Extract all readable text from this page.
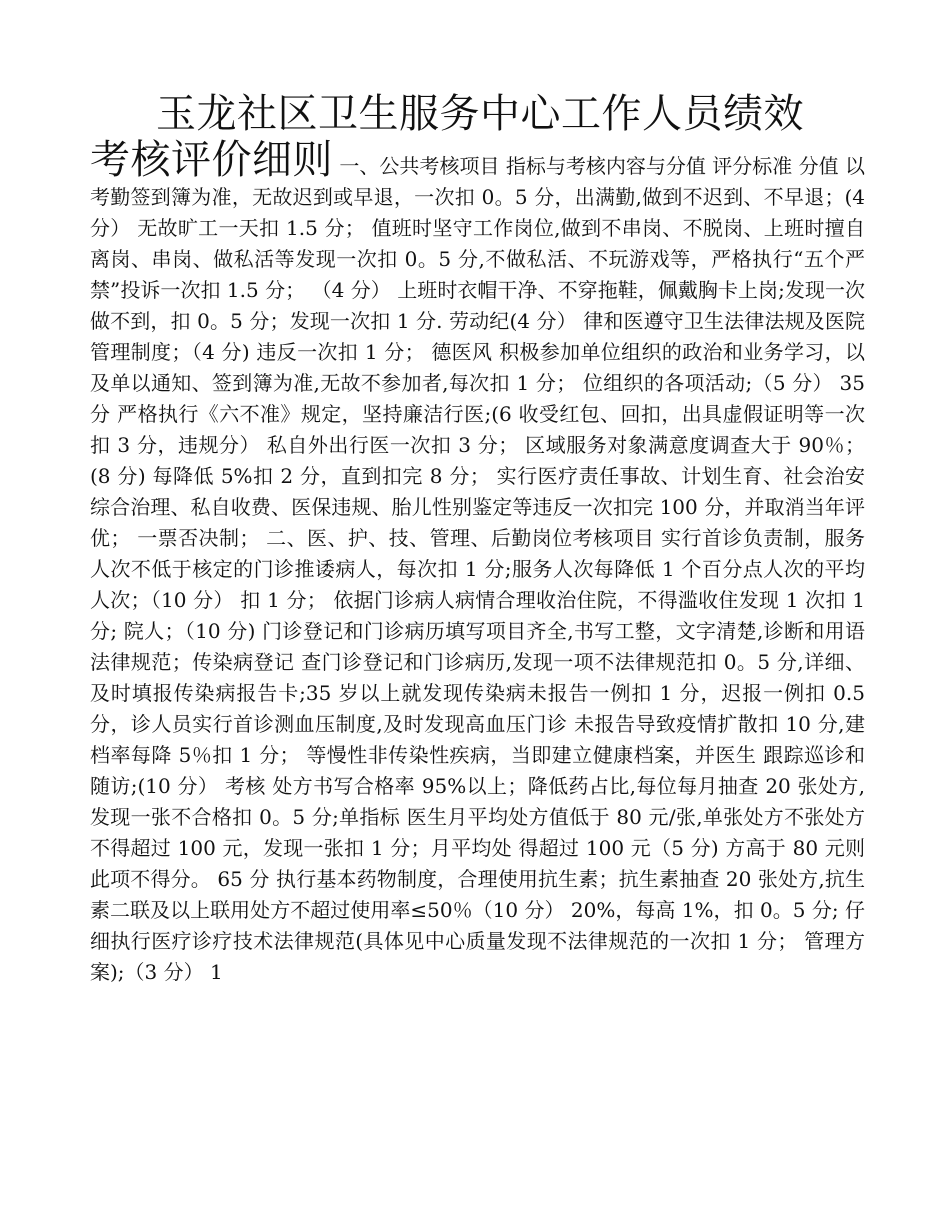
玉龙社区卫生服务中心工作人员绩效

考核评价细则 一、公共考核项目 指标与考核内容与分值 评分标准 分值 以考勤签到簿为准，无故迟到或早退，一次扣 0。5 分，出满勤,做到不迟到、不早退；(4 分） 无故旷工一天扣 1.5 分； 值班时坚守工作岗位,做到不串岗、不脱岗、上班时擅自离岗、串岗、做私活等发现一次扣 0。5 分,不做私活、不玩游戏等，严格执行“五个严禁”投诉一次扣 1.5 分； （4 分） 上班时衣帽干净、不穿拖鞋，佩戴胸卡上岗;发现一次做不到，扣 0。5 分；发现一次扣 1 分. 劳动纪(4 分） 律和医遵守卫生法律法规及医院管理制度；（4 分) 违反一次扣 1 分； 德医风 积极参加单位组织的政治和业务学习，以及单以通知、签到簿为准,无故不参加者,每次扣 1 分； 位组织的各项活动;（5 分） 35 分 严格执行《六不准》规定，坚持廉洁行医;(6 收受红包、回扣，出具虚假证明等一次扣 3 分，违规分） 私自外出行医一次扣 3 分； 区域服务对象满意度调查大于 90％；(8 分) 每降低 5%扣 2 分，直到扣完 8 分； 实行医疗责任事故、计划生育、社会治安综合治理、私自收费、医保违规、胎儿性别鉴定等违反一次扣完 100 分，并取消当年评优； 一票否决制； 二、医、护、技、管理、后勤岗位考核项目 实行首诊负责制，服务人次不低于核定的门诊推诿病人，每次扣 1 分;服务人次每降低 1 个百分点人次的平均人次；（10 分） 扣 1 分； 依据门诊病人病情合理收治住院，不得滥收住发现 1 次扣 1 分; 院人；（10 分) 门诊登记和门诊病历填写项目齐全,书写工整，文字清楚,诊断和用语法律规范；传染病登记 查门诊登记和门诊病历,发现一项不法律规范扣 0。5 分,详细、及时填报传染病报告卡;35 岁以上就发现传染病未报告一例扣 1 分，迟报一例扣 0.5 分，诊人员实行首诊测血压制度,及时发现高血压门诊 未报告导致疫情扩散扣 10 分,建档率每降 5％扣 1 分； 等慢性非传染性疾病，当即建立健康档案，并医生 跟踪巡诊和随访;(10 分） 考核 处方书写合格率 95%以上；降低药占比,每位每月抽查 20 张处方,发现一张不合格扣 0。5 分;单指标 医生月平均处方值低于 80 元/张,单张处方不张处方不得超过 100 元，发现一张扣 1 分；月平均处 得超过 100 元（5 分) 方高于 80 元则此项不得分。 65 分 执行基本药物制度，合理使用抗生素；抗生素抽查 20 张处方,抗生素二联及以上联用处方不超过使用率≤50％（10 分） 20%，每高 1%，扣 0。5 分; 仔细执行医疗诊疗技术法律规范(具体见中心质量发现不法律规范的一次扣 1 分； 管理方案);（3 分） 1
